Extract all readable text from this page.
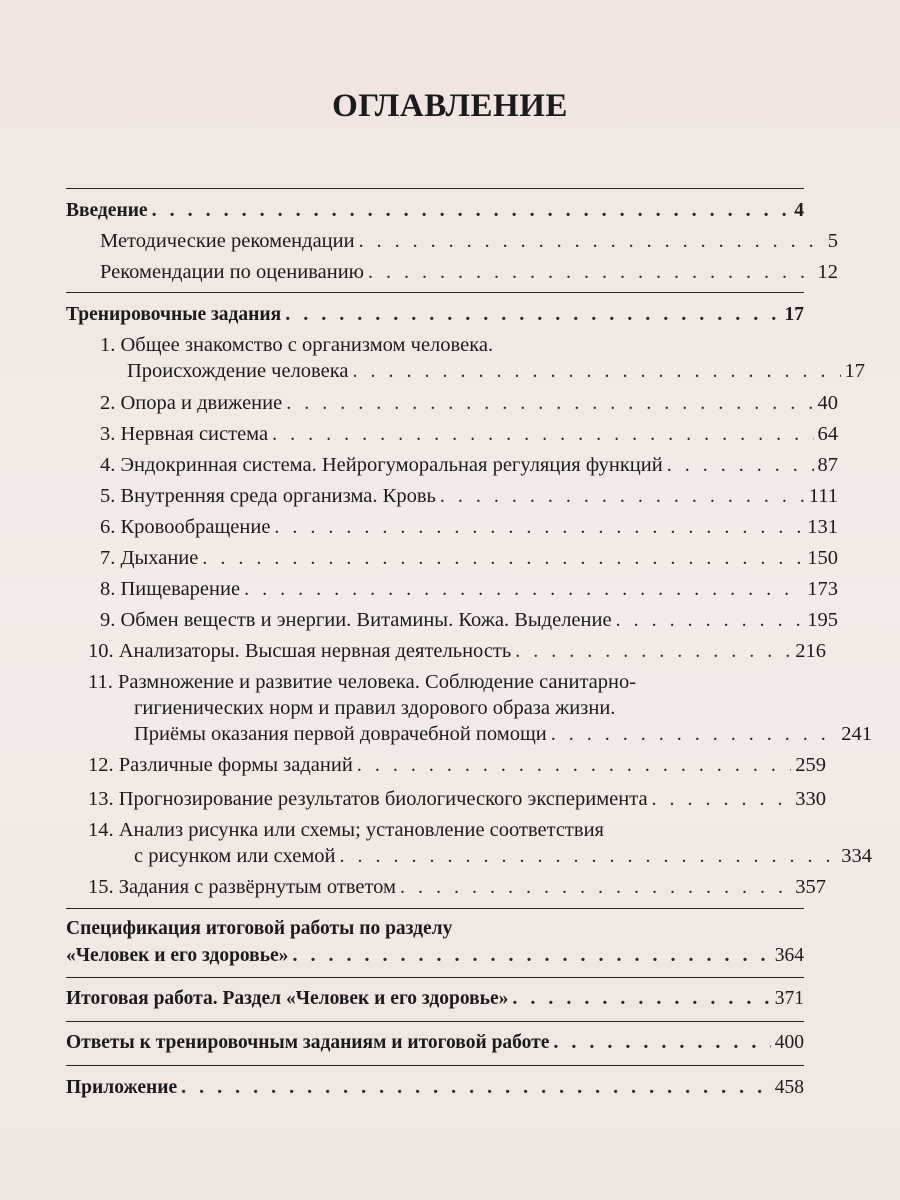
ОГЛАВЛЕНИЕ
Введение . . .	4
Методические рекомендации . . .	5
Рекомендации по оцениванию . . .	12
Тренировочные задания . . .	17
1. Общее знакомство с организмом человека.
Происхождение человека . . .	17
2. Опора и движение . . .	40
3. Нервная система . . .	64
4. Эндокринная система. Нейрогуморальная регуляция функций . . .	87
5. Внутренняя среда организма. Кровь . . .	111
6. Кровообращение . . .	131
7. Дыхание . . .	150
8. Пищеварение . . .	173
9. Обмен веществ и энергии. Витамины. Кожа. Выделение . . .	195
10. Анализаторы. Высшая нервная деятельность . . .	216
11. Размножение и развитие человека. Соблюдение санитарно-
гигиенических норм и правил здорового образа жизни.
Приёмы оказания первой доврачебной помощи . . .	241
12. Различные формы заданий . . .	259
13. Прогнозирование результатов биологического эксперимента . . .	330
14. Анализ рисунка или схемы; установление соответствия
с рисунком или схемой . . .	334
15. Задания с развёрнутым ответом . . .	357
Спецификация итоговой работы по разделу
«Человек и его здоровье» . . .	364
Итоговая работа. Раздел «Человек и его здоровье» . . .	371
Ответы к тренировочным заданиям и итоговой работе . . .	400
Приложение . . .	458
